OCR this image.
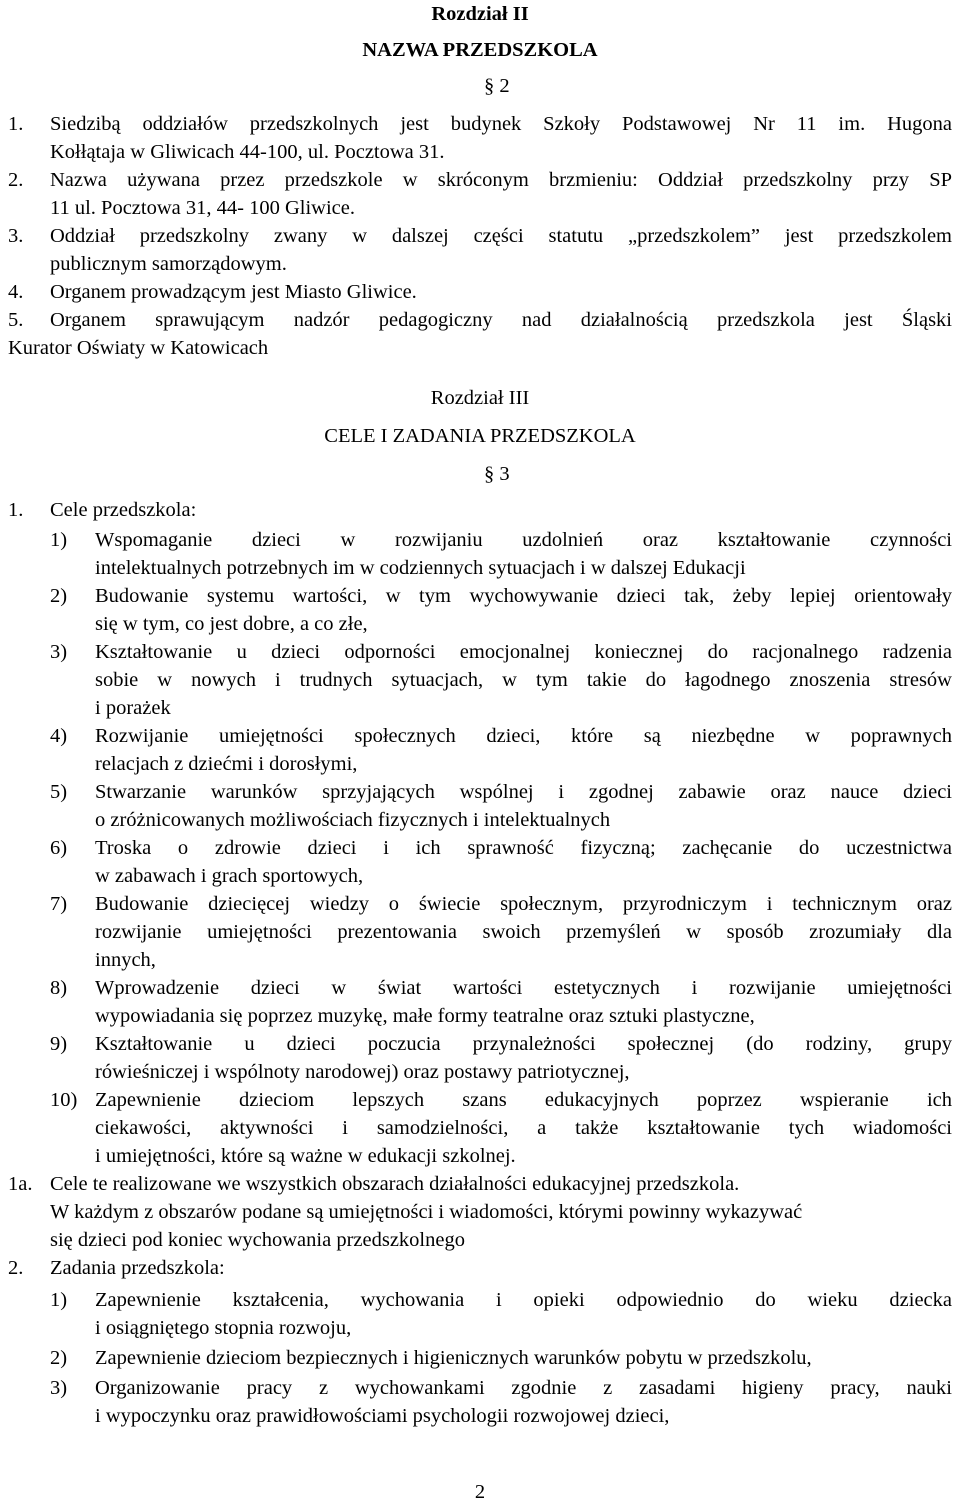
Rozdział II
NAZWA PRZEDSZKOLA
§ 2
1. Siedzibą oddziałów przedszkolnych jest budynek Szkoły Podstawowej Nr 11 im. Hugona
Kołłątaja w Gliwicach 44-100, ul. Pocztowa 31.
2. Nazwa używana przez przedszkole w skróconym brzmieniu: Oddział przedszkolny przy SP
11 ul. Pocztowa 31, 44- 100 Gliwice.
3. Oddział przedszkolny zwany w dalszej części statutu „przedszkolem” jest przedszkolem
publicznym samorządowym.
4. Organem prowadzącym jest Miasto Gliwice.
5. Organem sprawującym nadzór pedagogiczny nad działalnością przedszkola jest Śląski
Kurator Oświaty w Katowicach
Rozdział III
CELE I ZADANIA PRZEDSZKOLA
§ 3
1. Cele przedszkola:
1) Wspomaganie dzieci w rozwijaniu uzdolnień oraz kształtowanie czynności
intelektualnych potrzebnych im w codziennych sytuacjach i w dalszej Edukacji
2) Budowanie systemu wartości, w tym wychowywanie dzieci tak, żeby lepiej orientowały
się w tym, co jest dobre, a co złe,
3) Kształtowanie u dzieci odporności emocjonalnej koniecznej do racjonalnego radzenia
sobie w nowych i trudnych sytuacjach, w tym takie do łagodnego znoszenia stresów
i porażek
4) Rozwijanie umiejętności społecznych dzieci, które są niezbędne w poprawnych
relacjach z dziećmi i dorosłymi,
5) Stwarzanie warunków sprzyjających wspólnej i zgodnej zabawie oraz nauce dzieci
o zróżnicowanych możliwościach fizycznych i intelektualnych
6) Troska o zdrowie dzieci i ich sprawność fizyczną; zachęcanie do uczestnictwa
w zabawach i grach sportowych,
7) Budowanie dziecięcej wiedzy o świecie społecznym, przyrodniczym i technicznym oraz
rozwijanie umiejętności prezentowania swoich przemyśleń w sposób zrozumiały dla
innych,
8) Wprowadzenie dzieci w świat wartości estetycznych i rozwijanie umiejętności
wypowiadania się poprzez muzykę, małe formy teatralne oraz sztuki plastyczne,
9) Kształtowanie u dzieci poczucia przynależności społecznej (do rodziny, grupy
rówieśniczej i wspólnoty narodowej) oraz postawy patriotycznej,
10) Zapewnienie dzieciom lepszych szans edukacyjnych poprzez wspieranie ich
ciekawości, aktywności i samodzielności, a także kształtowanie tych wiadomości
i umiejętności, które są ważne w edukacji szkolnej.
1a. Cele te realizowane we wszystkich obszarach działalności edukacyjnej przedszkola.
W każdym z obszarów podane są umiejętności i wiadomości, którymi powinny wykazywać
się dzieci pod koniec wychowania przedszkolnego
2. Zadania przedszkola:
1) Zapewnienie kształcenia, wychowania i opieki odpowiednio do wieku dziecka
i osiągniętego stopnia rozwoju,
2) Zapewnienie dzieciom bezpiecznych i higienicznych warunków pobytu w przedszkolu,
3) Organizowanie pracy z wychowankami zgodnie z zasadami higieny pracy, nauki
i wypoczynku oraz prawidłowościami psychologii rozwojowej dzieci,
2
